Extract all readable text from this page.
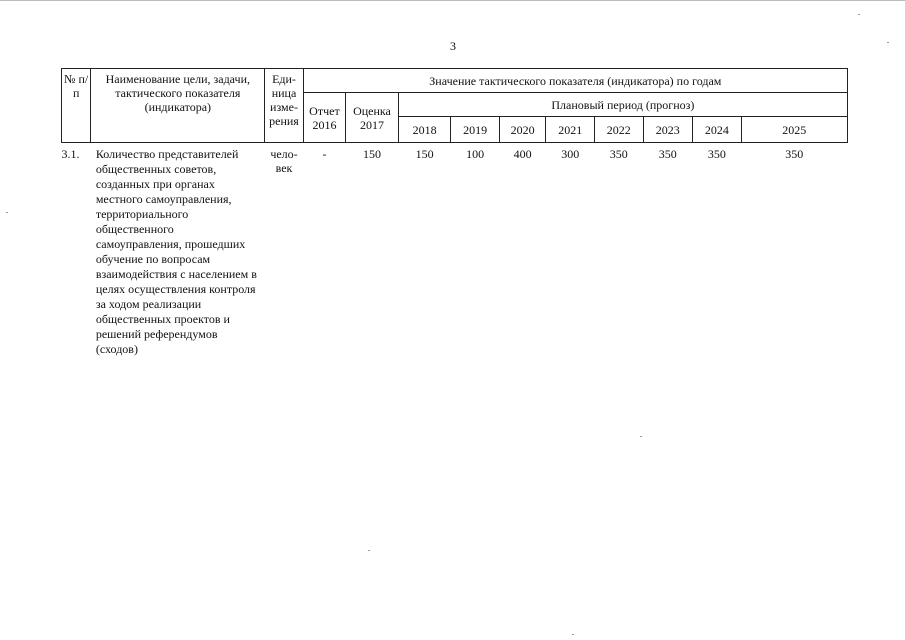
3
№ п/п	Наименование цели, задачи, тактического показателя (индикатора)	Еди-ница изме-рения	Значение тактического показателя (индикатора) по годам									
			Отчет 2016	Оценка 2017	Плановый период (прогноз)							
					2018	2019	2020	2021	2022	2023	2024	2025
3.1.	Количество представителей общественных советов, созданных при органах местного самоуправления, территориального общественного самоуправления, прошедших обучение по вопросам взаимодействия с населением в целях осуществления контроля за ходом реализации общественных проектов и решений референдумов (сходов)	чело-век	-	150	150	100	400	300	350	350	350	350
